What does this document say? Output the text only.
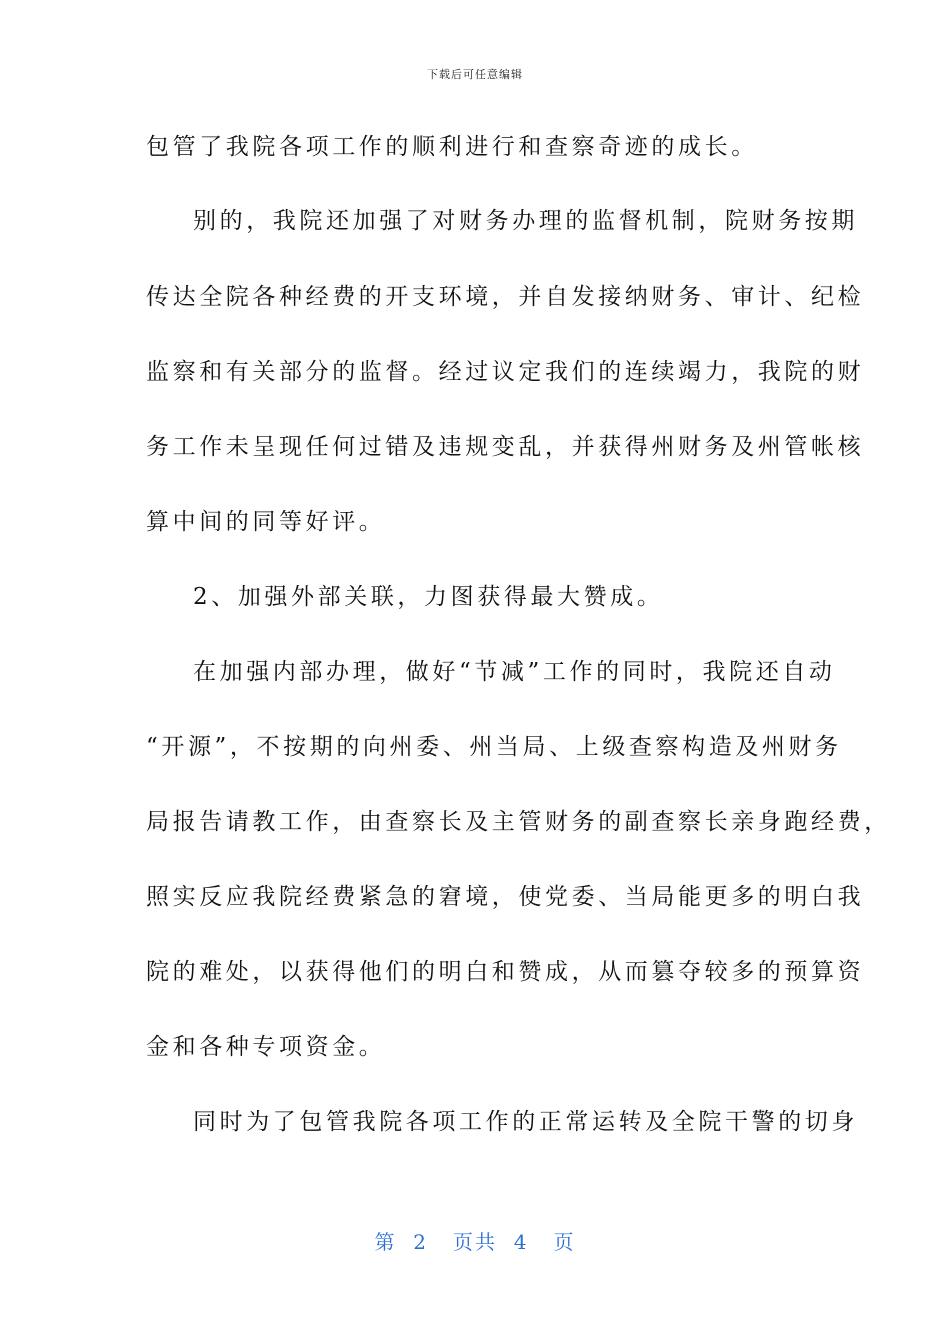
下载后可任意编辑
包管了我院各项工作的顺利进行和查察奇迹的成长。
别的，我院还加强了对财务办理的监督机制，院财务按期
传达全院各种经费的开支环境，并自发接纳财务、审计、纪检
监察和有关部分的监督。经过议定我们的连续竭力，我院的财
务工作未呈现任何过错及违规变乱，并获得州财务及州管帐核
算中间的同等好评。
2、加强外部关联，力图获得最大赞成。
在加强内部办理，做好“节减”工作的同时，我院还自动
“开源”，不按期的向州委、州当局、上级查察构造及州财务
局报告请教工作，由查察长及主管财务的副查察长亲身跑经费，
照实反应我院经费紧急的窘境，使党委、当局能更多的明白我
院的难处，以获得他们的明白和赞成，从而篡夺较多的预算资
金和各种专项资金。
同时为了包管我院各项工作的正常运转及全院干警的切身
第  2   页共  4   页
